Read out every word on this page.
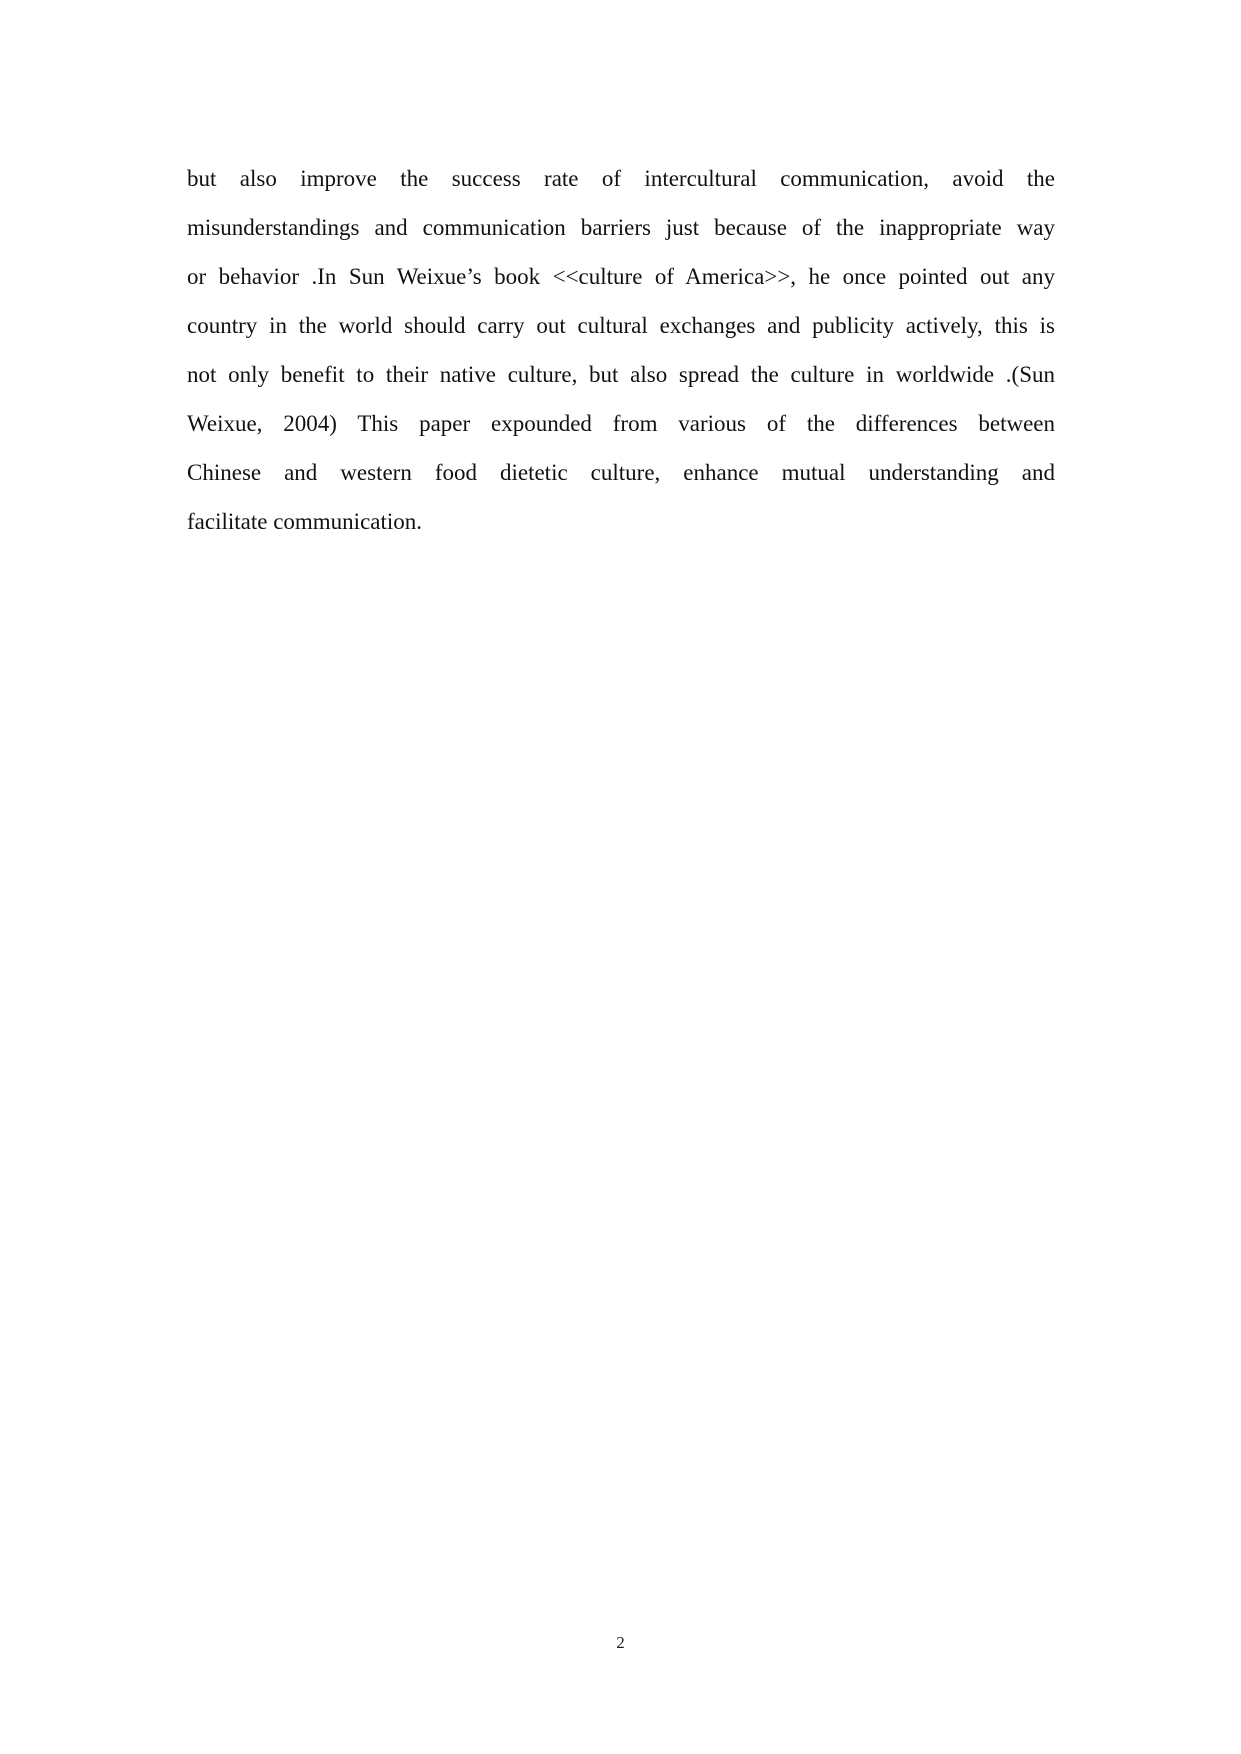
but also improve the success rate of intercultural communication, avoid the
misunderstandings and communication barriers just because of the inappropriate way
or behavior .In Sun Weixue’s book <<culture of America>>, he once pointed out any
country in the world should carry out cultural exchanges and publicity actively, this is
not only benefit to their native culture, but also spread the culture in worldwide .(Sun
Weixue, 2004) This paper expounded from various of the differences between
Chinese and western food dietetic culture, enhance mutual understanding and
facilitate communication.
2
